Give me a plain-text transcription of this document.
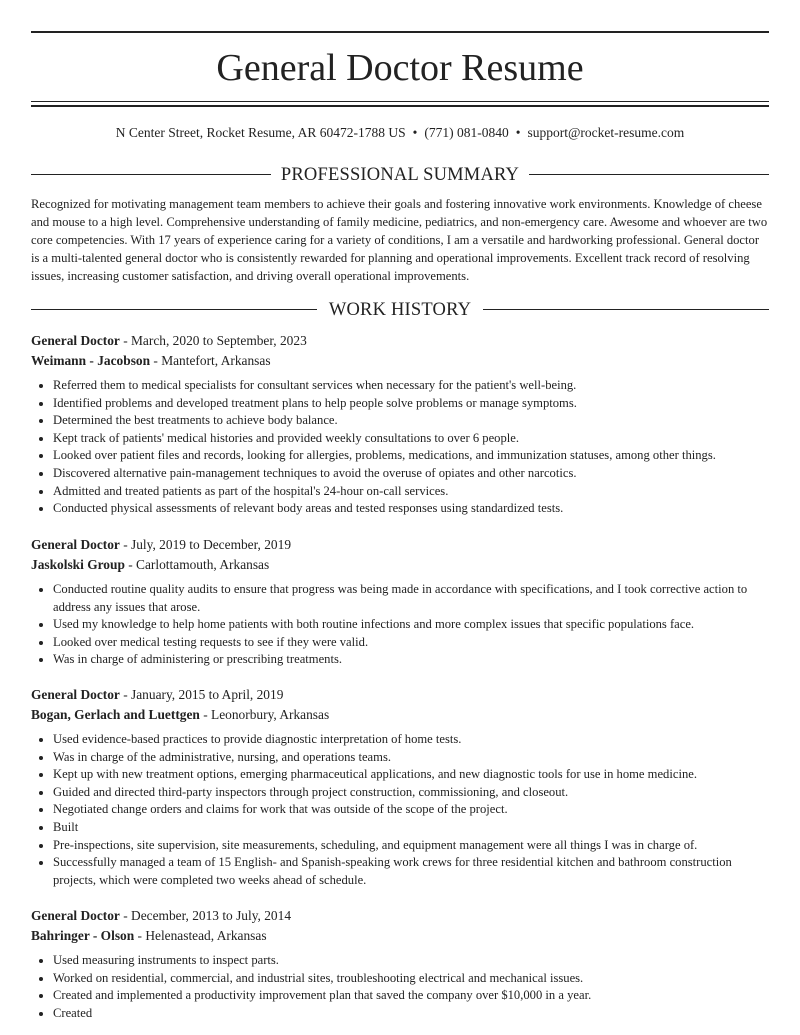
General Doctor Resume
N Center Street, Rocket Resume, AR 60472-1788 US • (771) 081-0840 • support@rocket-resume.com
PROFESSIONAL SUMMARY

Recognized for motivating management team members to achieve their goals and fostering innovative work environments. Knowledge of cheese and mouse to a high level. Comprehensive understanding of family medicine, pediatrics, and non-emergency care. Awesome and whoever are two core competencies. With 17 years of experience caring for a variety of conditions, I am a versatile and hardworking professional. General doctor is a multi-talented general doctor who is consistently rewarded for planning and operational improvements. Excellent track record of resolving issues, increasing customer satisfaction, and driving overall operational improvements.

WORK HISTORY
General Doctor - March, 2020 to September, 2023
Weimann - Jacobson - Mantefort, Arkansas
• Referred them to medical specialists for consultant services when necessary for the patient's well-being.
• Identified problems and developed treatment plans to help people solve problems or manage symptoms.
• Determined the best treatments to achieve body balance.
• Kept track of patients' medical histories and provided weekly consultations to over 6 people.
• Looked over patient files and records, looking for allergies, problems, medications, and immunization statuses, among other things.
• Discovered alternative pain-management techniques to avoid the overuse of opiates and other narcotics.
• Admitted and treated patients as part of the hospital's 24-hour on-call services.
• Conducted physical assessments of relevant body areas and tested responses using standardized tests.
General Doctor - July, 2019 to December, 2019
Jaskolski Group - Carlottamouth, Arkansas
• Conducted routine quality audits to ensure that progress was being made in accordance with specifications, and I took corrective action to address any issues that arose.
• Used my knowledge to help home patients with both routine infections and more complex issues that specific populations face.
• Looked over medical testing requests to see if they were valid.
• Was in charge of administering or prescribing treatments.
General Doctor - January, 2015 to April, 2019
Bogan, Gerlach and Luettgen - Leonorbury, Arkansas
• Used evidence-based practices to provide diagnostic interpretation of home tests.
• Was in charge of the administrative, nursing, and operations teams.
• Kept up with new treatment options, emerging pharmaceutical applications, and new diagnostic tools for use in home medicine.
• Guided and directed third-party inspectors through project construction, commissioning, and closeout.
• Negotiated change orders and claims for work that was outside of the scope of the project.
• Built
• Pre-inspections, site supervision, site measurements, scheduling, and equipment management were all things I was in charge of.
• Successfully managed a team of 15 English- and Spanish-speaking work crews for three residential kitchen and bathroom construction projects, which were completed two weeks ahead of schedule.
General Doctor - December, 2013 to July, 2014
Bahringer - Olson - Helenastead, Arkansas
• Used measuring instruments to inspect parts.
• Worked on residential, commercial, and industrial sites, troubleshooting electrical and mechanical issues.
• Created and implemented a productivity improvement plan that saved the company over $10,000 in a year.
• Created
